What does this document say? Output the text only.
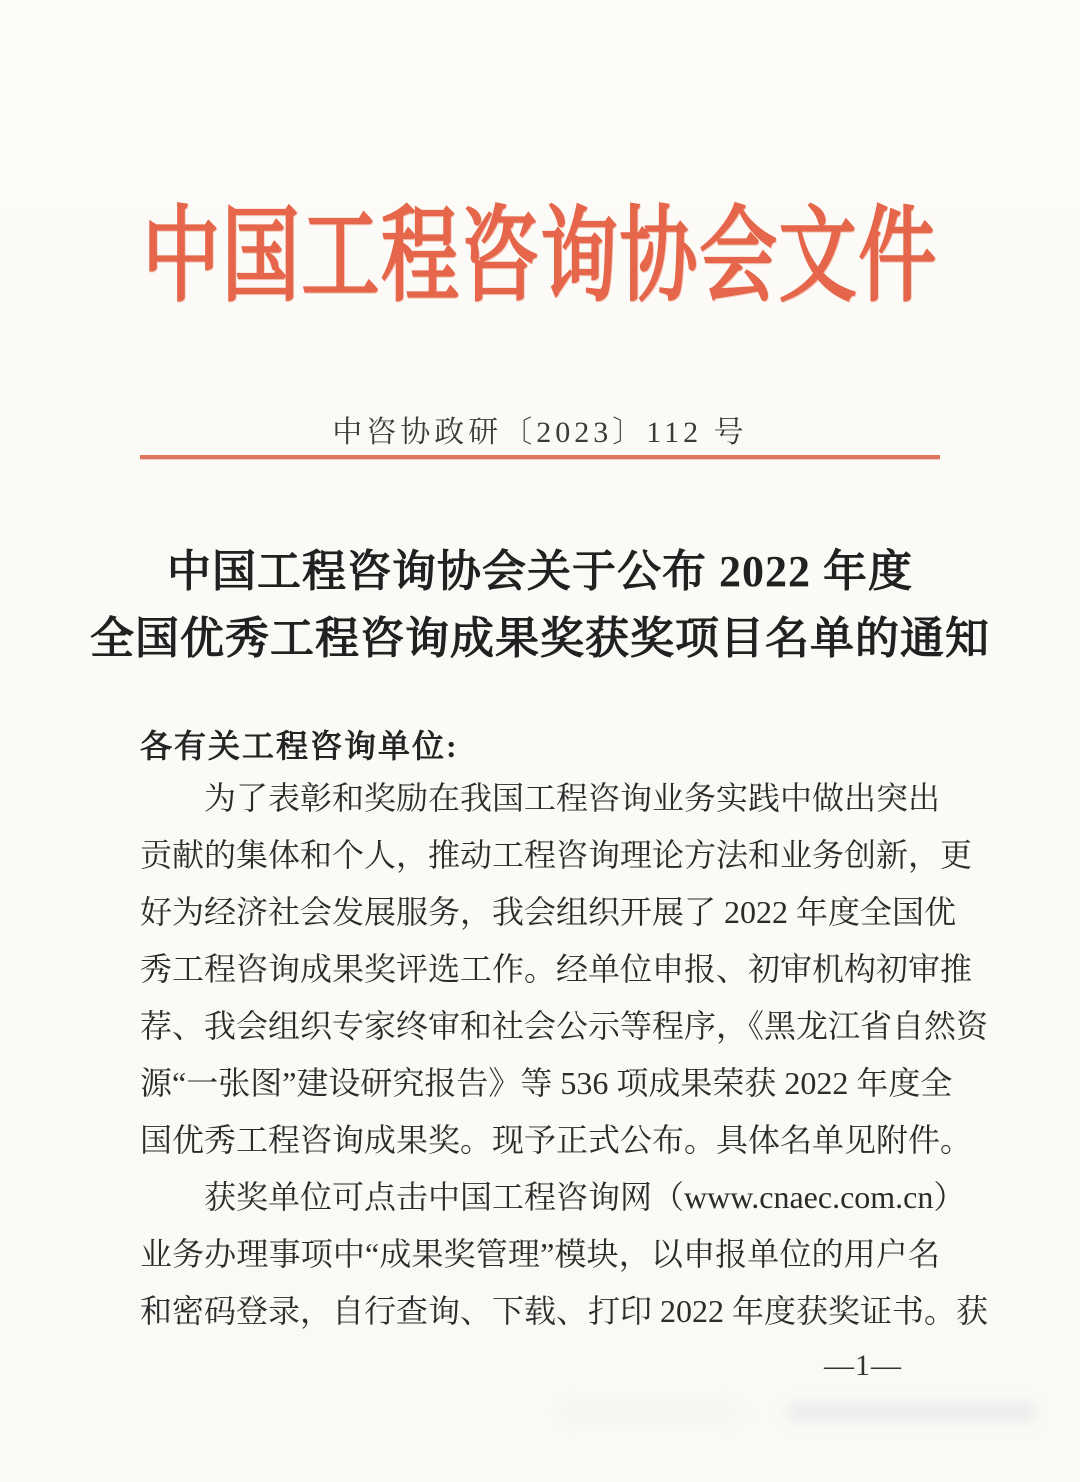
中国工程咨询协会文件
中咨协政研〔2023〕112 号
中国工程咨询协会关于公布 2022 年度
全国优秀工程咨询成果奖获奖项目名单的通知
各有关工程咨询单位:
为了表彰和奖励在我国工程咨询业务实践中做出突出
贡献的集体和个人，推动工程咨询理论方法和业务创新，更
好为经济社会发展服务，我会组织开展了 2022 年度全国优
秀工程咨询成果奖评选工作。经单位申报、初审机构初审推
荐、我会组织专家终审和社会公示等程序，《黑龙江省自然资
源“一张图”建设研究报告》等 536 项成果荣获 2022 年度全
国优秀工程咨询成果奖。现予正式公布。具体名单见附件。
获奖单位可点击中国工程咨询网（www.cnaec.com.cn）
业务办理事项中“成果奖管理”模块，以申报单位的用户名
和密码登录，自行查询、下载、打印 2022 年度获奖证书。获
—1—
